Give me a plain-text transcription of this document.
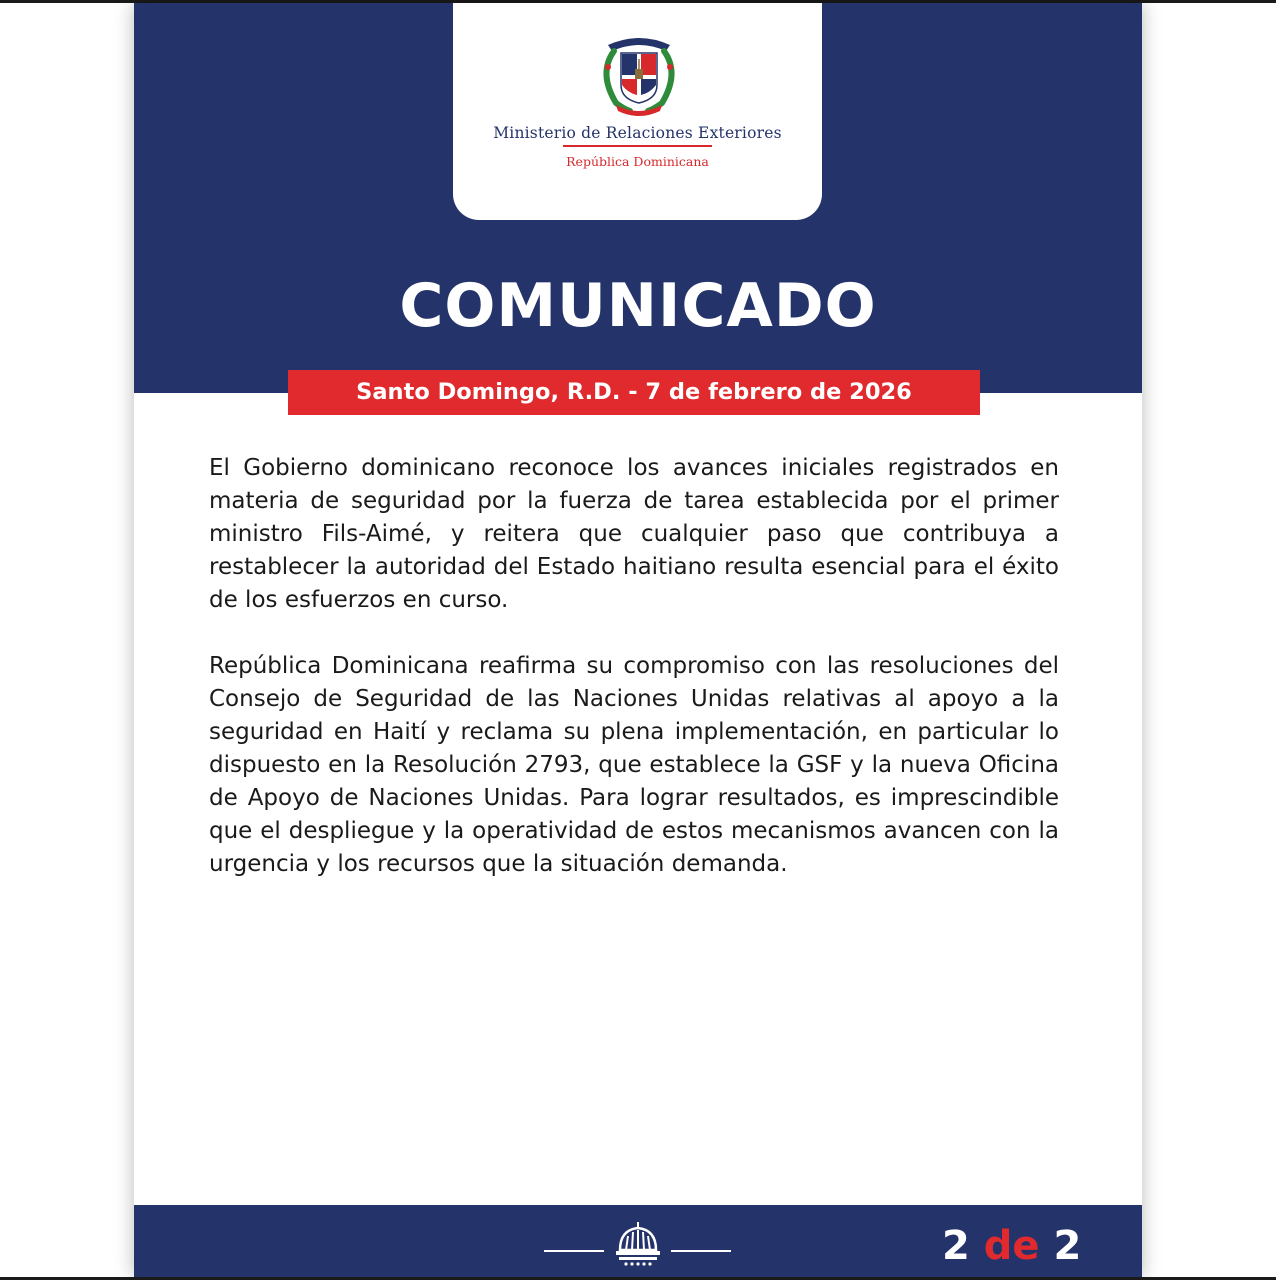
Ministerio de Relaciones Exteriores
República Dominicana
COMUNICADO
Santo Domingo, R.D. - 7 de febrero de 2026

El Gobierno dominicano reconoce los avances iniciales registrados en materia de seguridad por la fuerza de tarea establecida por el primer ministro Fils-Aimé, y reitera que cualquier paso que contribuya a restablecer la autoridad del Estado haitiano resulta esencial para el éxito de los esfuerzos en curso.

República Dominicana reafirma su compromiso con las resoluciones del Consejo de Seguridad de las Naciones Unidas relativas al apoyo a la seguridad en Haití y reclama su plena implementación, en particular lo dispuesto en la Resolución 2793, que establece la GSF y la nueva Oficina de Apoyo de Naciones Unidas. Para lograr resultados, es imprescindible que el despliegue y la operatividad de estos mecanismos avancen con la urgencia y los recursos que la situación demanda.

2 de 2
